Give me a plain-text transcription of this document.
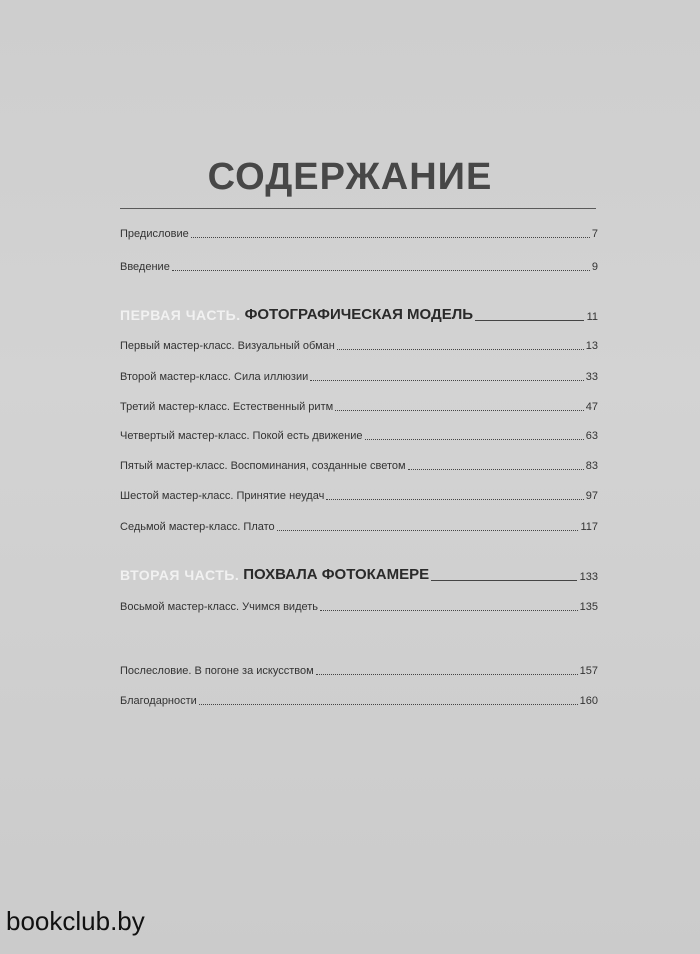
СОДЕРЖАНИЕ
Предисловие	7
Введение	9
ПЕРВАЯ ЧАСТЬ. ФОТОГРАФИЧЕСКАЯ МОДЕЛЬ	11
Первый мастер-класс. Визуальный обман	13
Второй мастер-класс. Сила иллюзии	33
Третий мастер-класс. Естественный ритм	47
Четвертый мастер-класс. Покой есть движение	63
Пятый мастер-класс. Воспоминания, созданные светом	83
Шестой мастер-класс. Принятие неудач	97
Седьмой мастер-класс. Плато	117
ВТОРАЯ ЧАСТЬ. ПОХВАЛА ФОТОКАМЕРЕ	133
Восьмой мастер-класс. Учимся видеть	135
Послесловие. В погоне за искусством	157
Благодарности	160
bookclub.by
